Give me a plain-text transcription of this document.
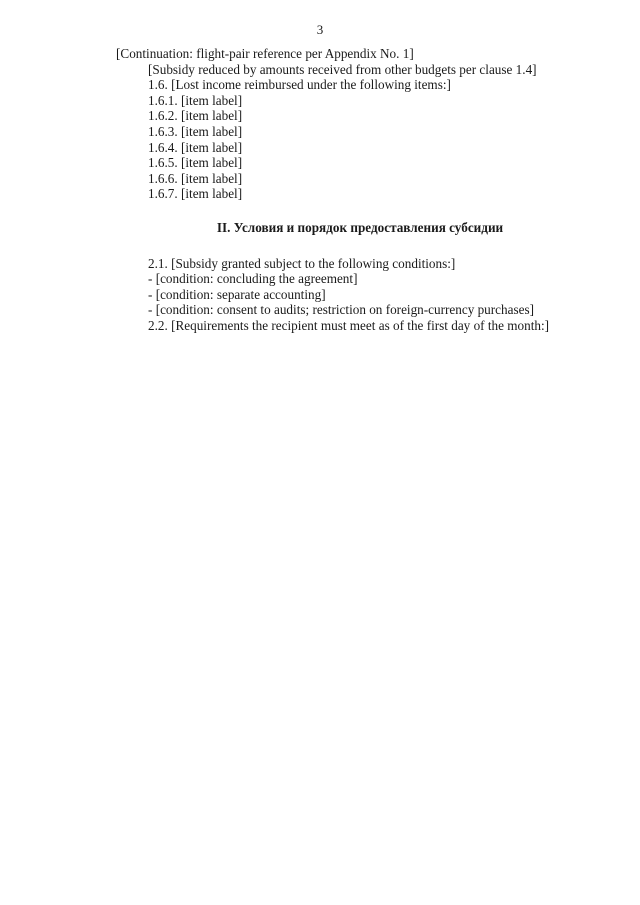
3

[Continuation: flight-pair reference per Appendix No. 1]

[Subsidy reduced by amounts received from other budgets per clause 1.4]

1.6. [Lost income reimbursed under the following items:]

1.6.1. [item label]

1.6.2. [item label]

1.6.3. [item label]

1.6.4. [item label]

1.6.5. [item label]

1.6.6. [item label]

1.6.7. [item label]

II. Условия и порядок предоставления субсидии

2.1. [Subsidy granted subject to the following conditions:]

- [condition: concluding the agreement]

- [condition: separate accounting]

- [condition: consent to audits; restriction on foreign-currency purchases]

2.2. [Requirements the recipient must meet as of the first day of the month:]
